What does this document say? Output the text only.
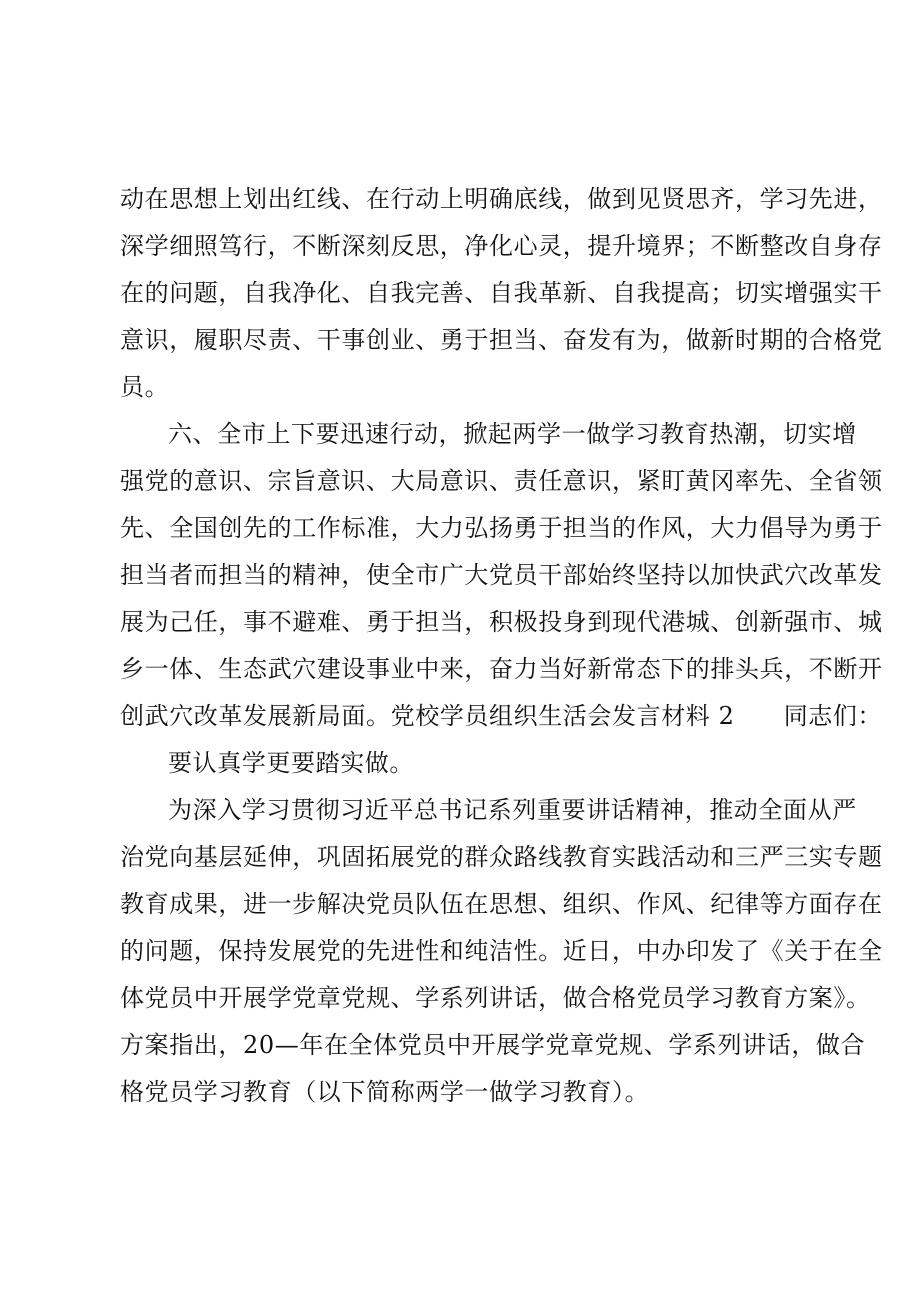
动在思想上划出红线、在行动上明确底线，做到见贤思齐，学习先进，
深学细照笃行，不断深刻反思，净化心灵，提升境界；不断整改自身存
在的问题，自我净化、自我完善、自我革新、自我提高；切实增强实干
意识，履职尽责、干事创业、勇于担当、奋发有为，做新时期的合格党
员。
六、全市上下要迅速行动，掀起两学一做学习教育热潮，切实增
强党的意识、宗旨意识、大局意识、责任意识，紧盯黄冈率先、全省领
先、全国创先的工作标准，大力弘扬勇于担当的作风，大力倡导为勇于
担当者而担当的精神，使全市广大党员干部始终坚持以加快武穴改革发
展为己任，事不避难、勇于担当，积极投身到现代港城、创新强市、城
乡一体、生态武穴建设事业中来，奋力当好新常态下的排头兵，不断开
创武穴改革发展新局面。党校学员组织生活会发言材料 2　　同志们：
要认真学更要踏实做。
为深入学习贯彻习近平总书记系列重要讲话精神，推动全面从严
治党向基层延伸，巩固拓展党的群众路线教育实践活动和三严三实专题
教育成果，进一步解决党员队伍在思想、组织、作风、纪律等方面存在
的问题，保持发展党的先进性和纯洁性。近日，中办印发了《关于在全
体党员中开展学党章党规、学系列讲话，做合格党员学习教育方案》。
方案指出，20—年在全体党员中开展学党章党规、学系列讲话，做合
格党员学习教育（以下简称两学一做学习教育）。
